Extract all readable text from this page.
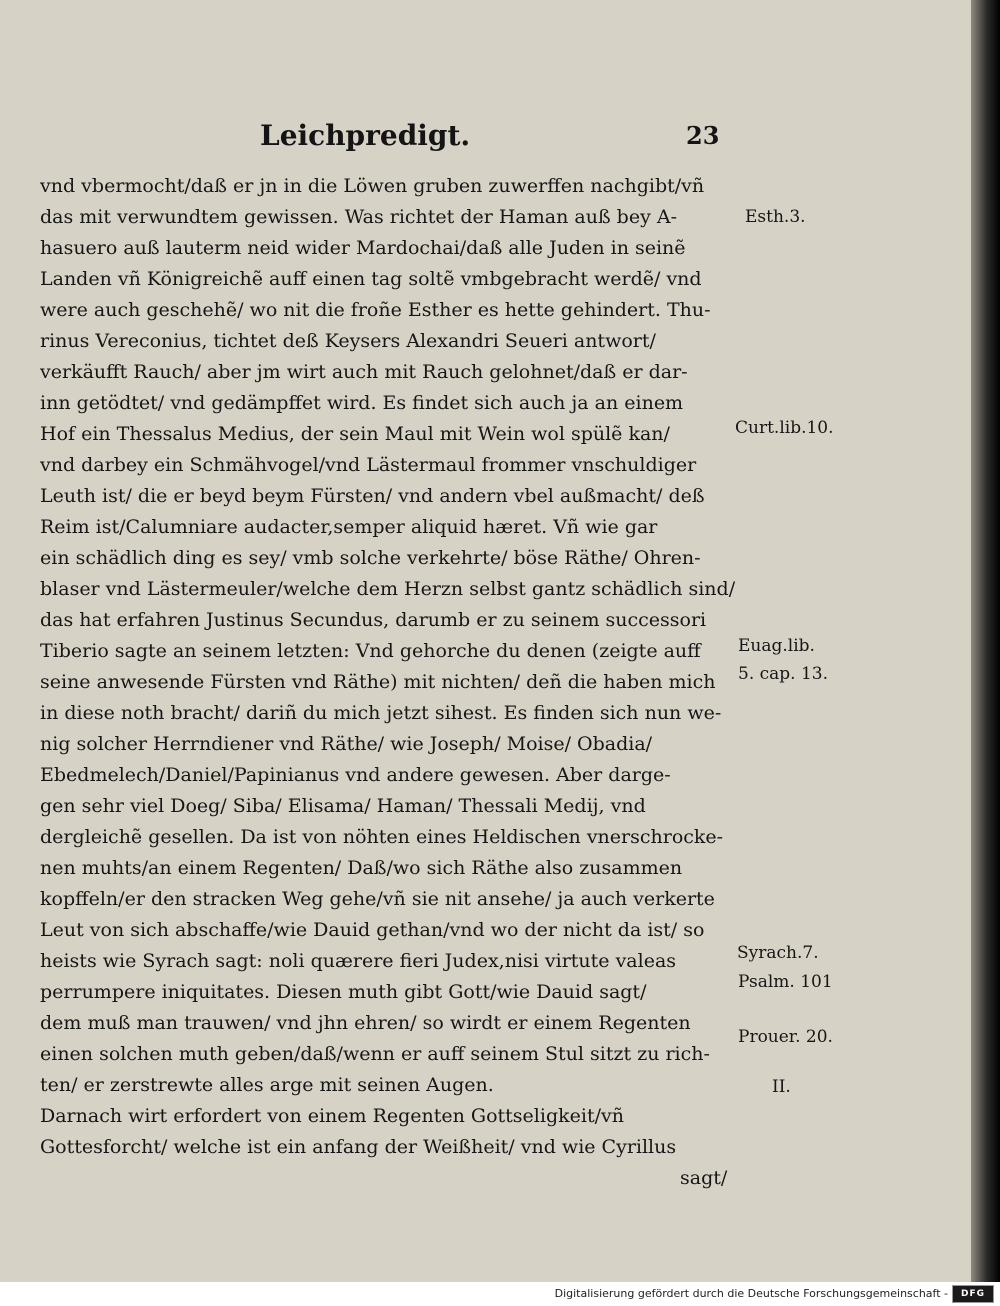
Leichpredigt.	23
vnd vbermocht/daß er jn in die Löwen gruben zuwerffen nachgibt/vñ
das mit verwundtem gewissen. Was richtet der Haman auß bey A-
hasuero auß lauterm neid wider Mardochai/daß alle Juden in seinẽ
Landen vñ Königreichẽ auff einen tag soltẽ vmbgebracht werdẽ/ vnd
were auch geschehẽ/ wo nit die froñe Esther es hette gehindert. Thu-
rinus Vereconius, tichtet deß Keysers Alexandri Seueri antwort/
verkäufft Rauch/ aber jm wirt auch mit Rauch gelohnet/daß er dar-
inn getödtet/ vnd gedämpffet wird. Es findet sich auch ja an einem
Hof ein Thessalus Medius, der sein Maul mit Wein wol spülẽ kan/
vnd darbey ein Schmähvogel/vnd Lästermaul frommer vnschuldiger
Leuth ist/ die er beyd beym Fürsten/ vnd andern vbel außmacht/ deß
Reim ist/Calumniare audacter,semper aliquid hæret. Vñ wie gar
ein schädlich ding es sey/ vmb solche verkehrte/ böse Räthe/ Ohren-
blaser vnd Lästermeuler/welche dem Herzn selbst gantz schädlich sind/
das hat erfahren Justinus Secundus, darumb er zu seinem successori
Tiberio sagte an seinem letzten: Vnd gehorche du denen (zeigte auff
seine anwesende Fürsten vnd Räthe) mit nichten/ deñ die haben mich
in diese noth bracht/ dariñ du mich jetzt sihest. Es finden sich nun we-
nig solcher Herrndiener vnd Räthe/ wie Joseph/ Moise/ Obadia/
Ebedmelech/Daniel/Papinianus vnd andere gewesen. Aber darge-
gen sehr viel Doeg/ Siba/ Elisama/ Haman/ Thessali Medij, vnd
dergleichẽ gesellen. Da ist von nöhten eines Heldischen vnerschrocke-
nen muhts/an einem Regenten/ Daß/wo sich Räthe also zusammen
kopffeln/er den stracken Weg gehe/vñ sie nit ansehe/ ja auch verkerte
Leut von sich abschaffe/wie Dauid gethan/vnd wo der nicht da ist/ so
heists wie Syrach sagt: noli quærere fieri Judex,nisi virtute valeas
perrumpere iniquitates. Diesen muth gibt Gott/wie Dauid sagt/
dem muß man trauwen/ vnd jhn ehren/ so wirdt er einem Regenten
einen solchen muth geben/daß/wenn er auff seinem Stul sitzt zu rich-
ten/ er zerstrewte alles arge mit seinen Augen.
Darnach wirt erfordert von einem Regenten Gottseligkeit/vñ
Gottesforcht/ welche ist ein anfang der Weißheit/ vnd wie Cyrillus
sagt/
Esth.3.
Curt.lib.10.
Euag.lib.
5. cap. 13.
Syrach.7.
Psalm. 101
Prouer. 20.
II.
Digitalisierung gefördert durch die Deutsche Forschungsgemeinschaft -	DFG
